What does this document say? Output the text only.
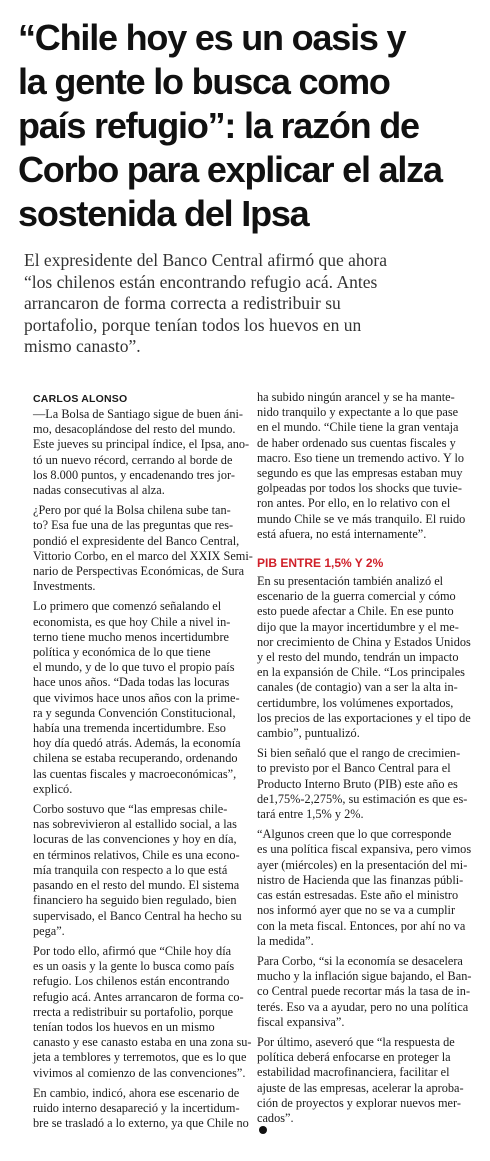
“Chile hoy es un oasis y
la gente lo busca como
país refugio”: la razón de
Corbo para explicar el alza
sostenida del Ipsa
El expresidente del Banco Central afirmó que ahora
“los chilenos están encontrando refugio acá. Antes
arrancaron de forma correcta a redistribuir su
portafolio, porque tenían todos los huevos en un
mismo canasto”.
CARLOS ALONSO

—La Bolsa de Santiago sigue de buen áni-
mo, desacoplándose del resto del mundo.
Este jueves su principal índice, el Ipsa, ano-
tó un nuevo récord, cerrando al borde de
los 8.000 puntos, y encadenando tres jor-
nadas consecutivas al alza.

¿Pero por qué la Bolsa chilena sube tan-
to? Esa fue una de las preguntas que res-
pondió el expresidente del Banco Central,
Vittorio Corbo, en el marco del XXIX Semi-
nario de Perspectivas Económicas, de Sura
Investments.

Lo primero que comenzó señalando el
economista, es que hoy Chile a nivel in-
terno tiene mucho menos incertidumbre
política y económica de lo que tiene
el mundo, y de lo que tuvo el propio país
hace unos años. “Dada todas las locuras
que vivimos hace unos años con la prime-
ra y segunda Convención Constitucional,
había una tremenda incertidumbre. Eso
hoy día quedó atrás. Además, la economía
chilena se estaba recuperando, ordenando
las cuentas fiscales y macroeconómicas”,
explicó.

Corbo sostuvo que “las empresas chile-
nas sobrevivieron al estallido social, a las
locuras de las convenciones y hoy en día,
en términos relativos, Chile es una econo-
mía tranquila con respecto a lo que está
pasando en el resto del mundo. El sistema
financiero ha seguido bien regulado, bien
supervisado, el Banco Central ha hecho su
pega”.

Por todo ello, afirmó que “Chile hoy día
es un oasis y la gente lo busca como país
refugio. Los chilenos están encontrando
refugio acá. Antes arrancaron de forma co-
rrecta a redistribuir su portafolio, porque
tenían todos los huevos en un mismo
canasto y ese canasto estaba en una zona su-
jeta a temblores y terremotos, que es lo que
vivimos al comienzo de las convenciones”.

En cambio, indicó, ahora ese escenario de
ruido interno desapareció y la incertidum-
bre se trasladó a lo externo, ya que Chile no

ha subido ningún arancel y se ha mante-
nido tranquilo y expectante a lo que pase
en el mundo. “Chile tiene la gran ventaja
de haber ordenado sus cuentas fiscales y
macro. Eso tiene un tremendo activo. Y lo
segundo es que las empresas estaban muy
golpeadas por todos los shocks que tuvie-
ron antes. Por ello, en lo relativo con el
mundo Chile se ve más tranquilo. El ruido
está afuera, no está internamente”.

PIB ENTRE 1,5% Y 2%

En su presentación también analizó el
escenario de la guerra comercial y cómo
esto puede afectar a Chile. En ese punto
dijo que la mayor incertidumbre y el me-
nor crecimiento de China y Estados Unidos
y el resto del mundo, tendrán un impacto
en la expansión de Chile. “Los principales
canales (de contagio) van a ser la alta in-
certidumbre, los volúmenes exportados,
los precios de las exportaciones y el tipo de
cambio”, puntualizó.

Si bien señaló que el rango de crecimien-
to previsto por el Banco Central para el
Producto Interno Bruto (PIB) este año es
de1,75%-2,275%, su estimación es que es-
tará entre 1,5% y 2%.

“Algunos creen que lo que corresponde
es una política fiscal expansiva, pero vimos
ayer (miércoles) en la presentación del mi-
nistro de Hacienda que las finanzas públi-
cas están estresadas. Este año el ministro
nos informó ayer que no se va a cumplir
con la meta fiscal. Entonces, por ahí no va
la medida”.

Para Corbo, “si la economía se desacelera
mucho y la inflación sigue bajando, el Ban-
co Central puede recortar más la tasa de in-
terés. Eso va a ayudar, pero no una política
fiscal expansiva”.

Por último, aseveró que “la respuesta de
política deberá enfocarse en proteger la
estabilidad macrofinanciera, facilitar el
ajuste de las empresas, acelerar la aproba-
ción de proyectos y explorar nuevos mer-
cados”.
